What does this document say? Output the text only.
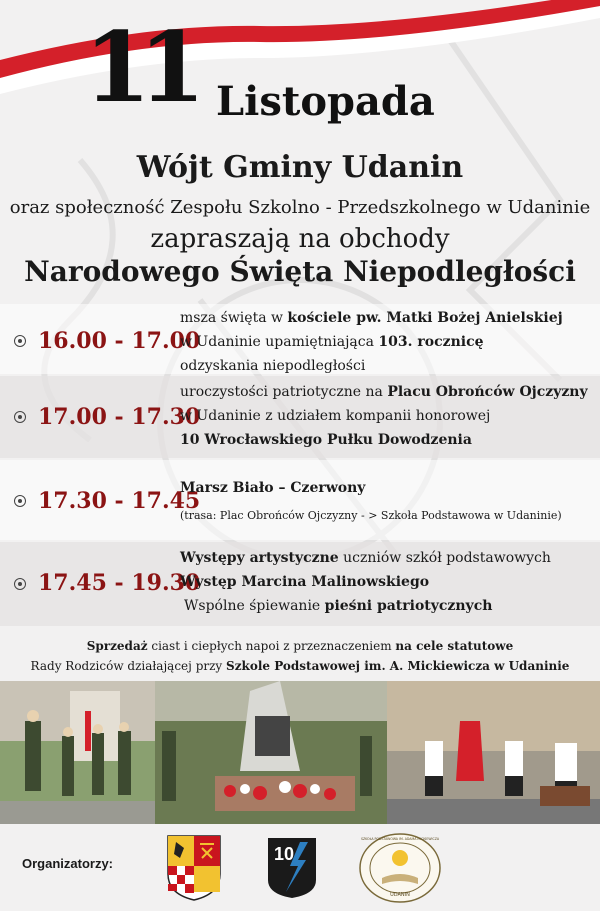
11 Listopada
Wójt Gminy Udanin
oraz społeczność Zespołu Szkolno - Przedszkolnego w Udaninie
zapraszają na obchody
Narodowego Święta Niepodległości
16.00 - 17.00
msza święta w kościele pw. Matki Bożej Anielskiej
w Udaninie upamiętniająca 103. rocznicę
odzyskania niepodległości
17.00 - 17.30
uroczystości patriotyczne na Placu Obrońców Ojczyzny
w Udaninie z udziałem kompanii honorowej
10 Wrocławskiego Pułku Dowodzenia
17.30 - 17.45
Marsz Biało – Czerwony
(trasa: Plac Obrońców Ojczyzny - > Szkoła Podstawowa w Udaninie)
17.45 - 19.30
Występy artystyczne uczniów szkół podstawowych
Występ Marcina Malinowskiego
Wspólne śpiewanie pieśni patriotycznych
Sprzedaż ciast i ciepłych napoi z przeznaczeniem na cele statutowe
Rady Rodziców działającej przy Szkole Podstawowej im. A. Mickiewicza w Udaninie
Organizatorzy:	10
UDANIN
SZKOŁA PODSTAWOWA IM. ADAMA MICKIEWICZA
